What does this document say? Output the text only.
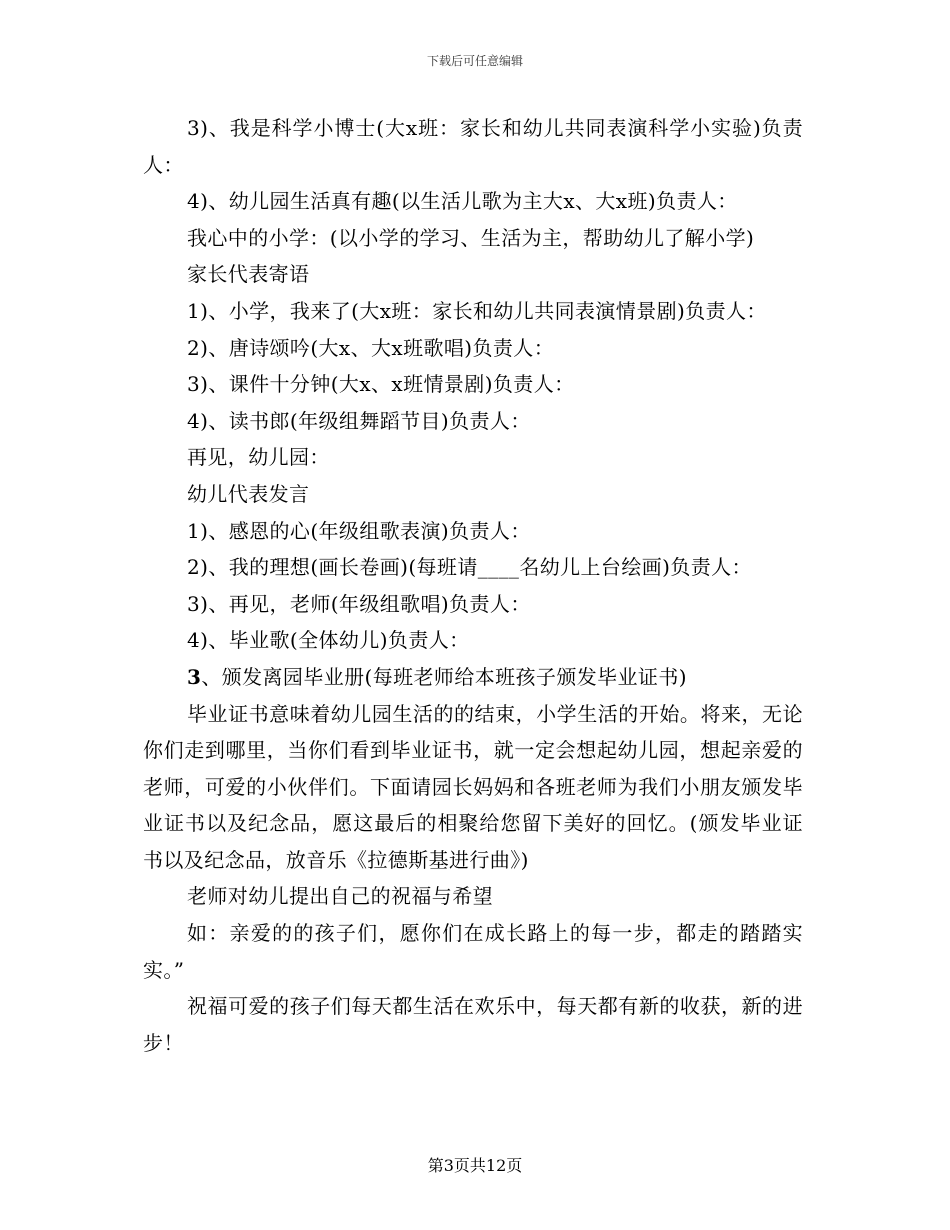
下载后可任意编辑
3)、我是科学小博士(大x班：家长和幼儿共同表演科学小实验)负责人：
4)、幼儿园生活真有趣(以生活儿歌为主大x、大x班)负责人：
我心中的小学：(以小学的学习、生活为主，帮助幼儿了解小学)
家长代表寄语
1)、小学，我来了(大x班：家长和幼儿共同表演情景剧)负责人：
2)、唐诗颂吟(大x、大x班歌唱)负责人：
3)、课件十分钟(大x、x班情景剧)负责人：
4)、读书郎(年级组舞蹈节目)负责人：
再见，幼儿园：
幼儿代表发言
1)、感恩的心(年级组歌表演)负责人：
2)、我的理想(画长卷画)(每班请____名幼儿上台绘画)负责人：
3)、再见，老师(年级组歌唱)负责人：
4)、毕业歌(全体幼儿)负责人：
3、颁发离园毕业册(每班老师给本班孩子颁发毕业证书)
毕业证书意味着幼儿园生活的的结束，小学生活的开始。将来，无论你们走到哪里，当你们看到毕业证书，就一定会想起幼儿园，想起亲爱的老师，可爱的小伙伴们。下面请园长妈妈和各班老师为我们小朋友颁发毕业证书以及纪念品，愿这最后的相聚给您留下美好的回忆。(颁发毕业证书以及纪念品，放音乐《拉德斯基进行曲》)
老师对幼儿提出自己的祝福与希望
如：亲爱的的孩子们，愿你们在成长路上的每一步，都走的踏踏实实。”
祝福可爱的孩子们每天都生活在欢乐中，每天都有新的收获，新的进步！
第3页共12页
